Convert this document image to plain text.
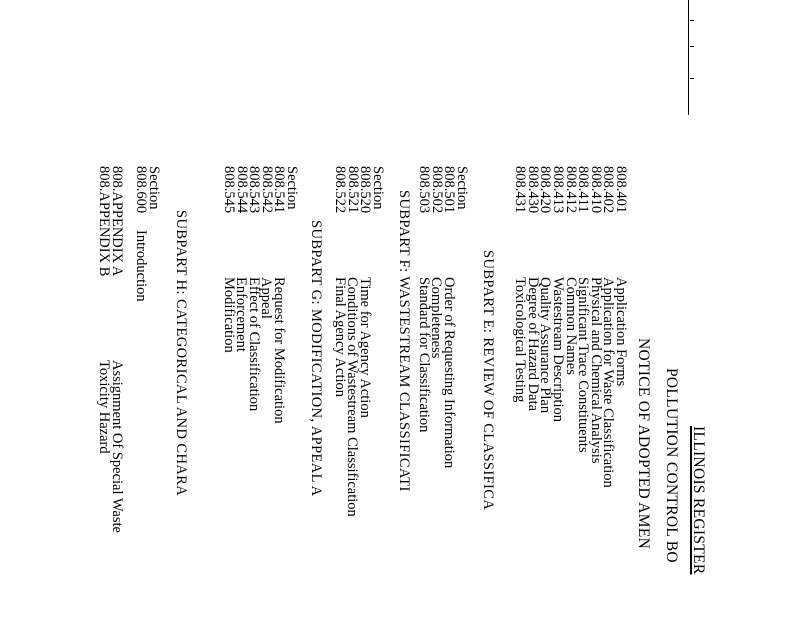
ILLINOIS REGISTER
POLLUTION CONTROL BO
NOTICE OF ADOPTED AMEN
808.401
808.402
808.410
808.411
808.412
808.413
808.420
808.430
808.431
Application Forms
Application for Waste Classification
Physical and Chemical Analysis
Significant Trace Constituents
Common Names
Wastestream Description
Quality Assurance Plan
Degree of Hazard Data
Toxicological Testing
SUBPART E: REVIEW OF CLASSIFICA
Section
808.501
808.502
808.503
Order of Requesting Information
Completeness
Standard for Classification
SUBPART F: WASTESTREAM CLASSIFICATI
Section
808.520
808.521
808.522
Time for Agency Action
Conditions of Wastestream Classification
Final Agency Action
SUBPART G: MODIFICATION, APPEAL A
Section
808.541
808.542
808.543
808.544
808.545
Request for Modification
Appeal
Effect of Classification
Enforcement
Modification
SUBPART H: CATEGORICAL AND CHARA
Section
808.600
Introduction
808.APPENDIX A
808.APPENDIX B
Assignment Of Special Waste
Toxicity Hazard
